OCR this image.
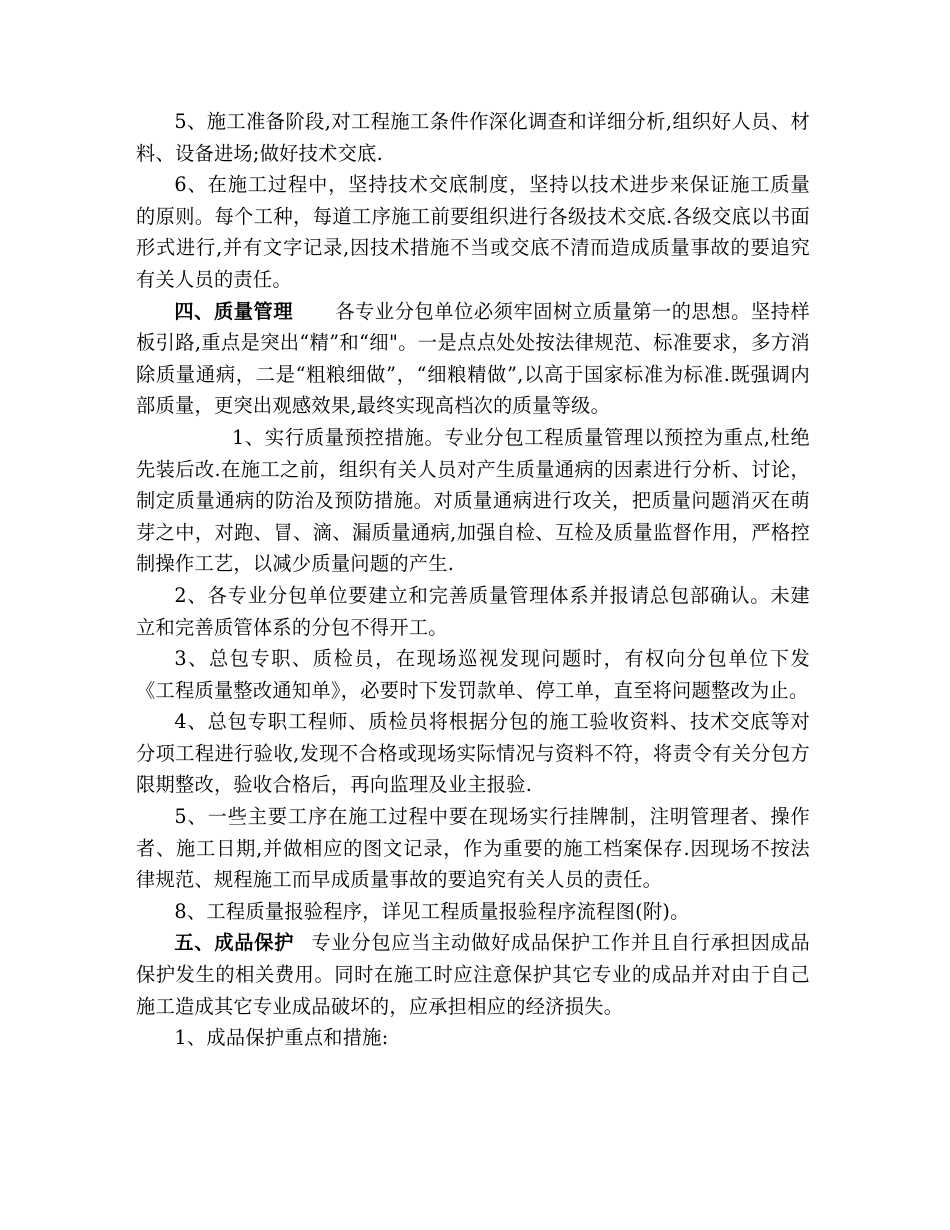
5、施工准备阶段,对工程施工条件作深化调查和详细分析,组织好人员、材料、设备进场;做好技术交底.

6、在施工过程中，坚持技术交底制度，坚持以技术进步来保证施工质量的原则。每个工种，每道工序施工前要组织进行各级技术交底.各级交底以书面形式进行,并有文字记录,因技术措施不当或交底不清而造成质量事故的要追究有关人员的责任。

四、质量管理 各专业分包单位必须牢固树立质量第一的思想。坚持样板引路,重点是突出“精”和“细"。一是点点处处按法律规范、标准要求，多方消除质量通病，二是“粗粮细做”，“细粮精做”,以高于国家标准为标准.既强调内部质量，更突出观感效果,最终实现高档次的质量等级。

1、实行质量预控措施。专业分包工程质量管理以预控为重点,杜绝先装后改.在施工之前，组织有关人员对产生质量通病的因素进行分析、讨论，制定质量通病的防治及预防措施。对质量通病进行攻关，把质量问题消灭在萌芽之中，对跑、冒、滴、漏质量通病,加强自检、互检及质量监督作用，严格控制操作工艺，以减少质量问题的产生.

2、各专业分包单位要建立和完善质量管理体系并报请总包部确认。未建立和完善质管体系的分包不得开工。

3、总包专职、质检员，在现场巡视发现问题时，有权向分包单位下发《工程质量整改通知单》，必要时下发罚款单、停工单，直至将问题整改为止。

4、总包专职工程师、质检员将根据分包的施工验收资料、技术交底等对分项工程进行验收,发现不合格或现场实际情况与资料不符，将责令有关分包方限期整改，验收合格后，再向监理及业主报验.

5、一些主要工序在施工过程中要在现场实行挂牌制，注明管理者、操作者、施工日期,并做相应的图文记录，作为重要的施工档案保存.因现场不按法律规范、规程施工而早成质量事故的要追究有关人员的责任。

8、工程质量报验程序，详见工程质量报验程序流程图(附)。

五、成品保护 专业分包应当主动做好成品保护工作并且自行承担因成品保护发生的相关费用。同时在施工时应注意保护其它专业的成品并对由于自己施工造成其它专业成品破坏的，应承担相应的经济损失。

1、成品保护重点和措施:
